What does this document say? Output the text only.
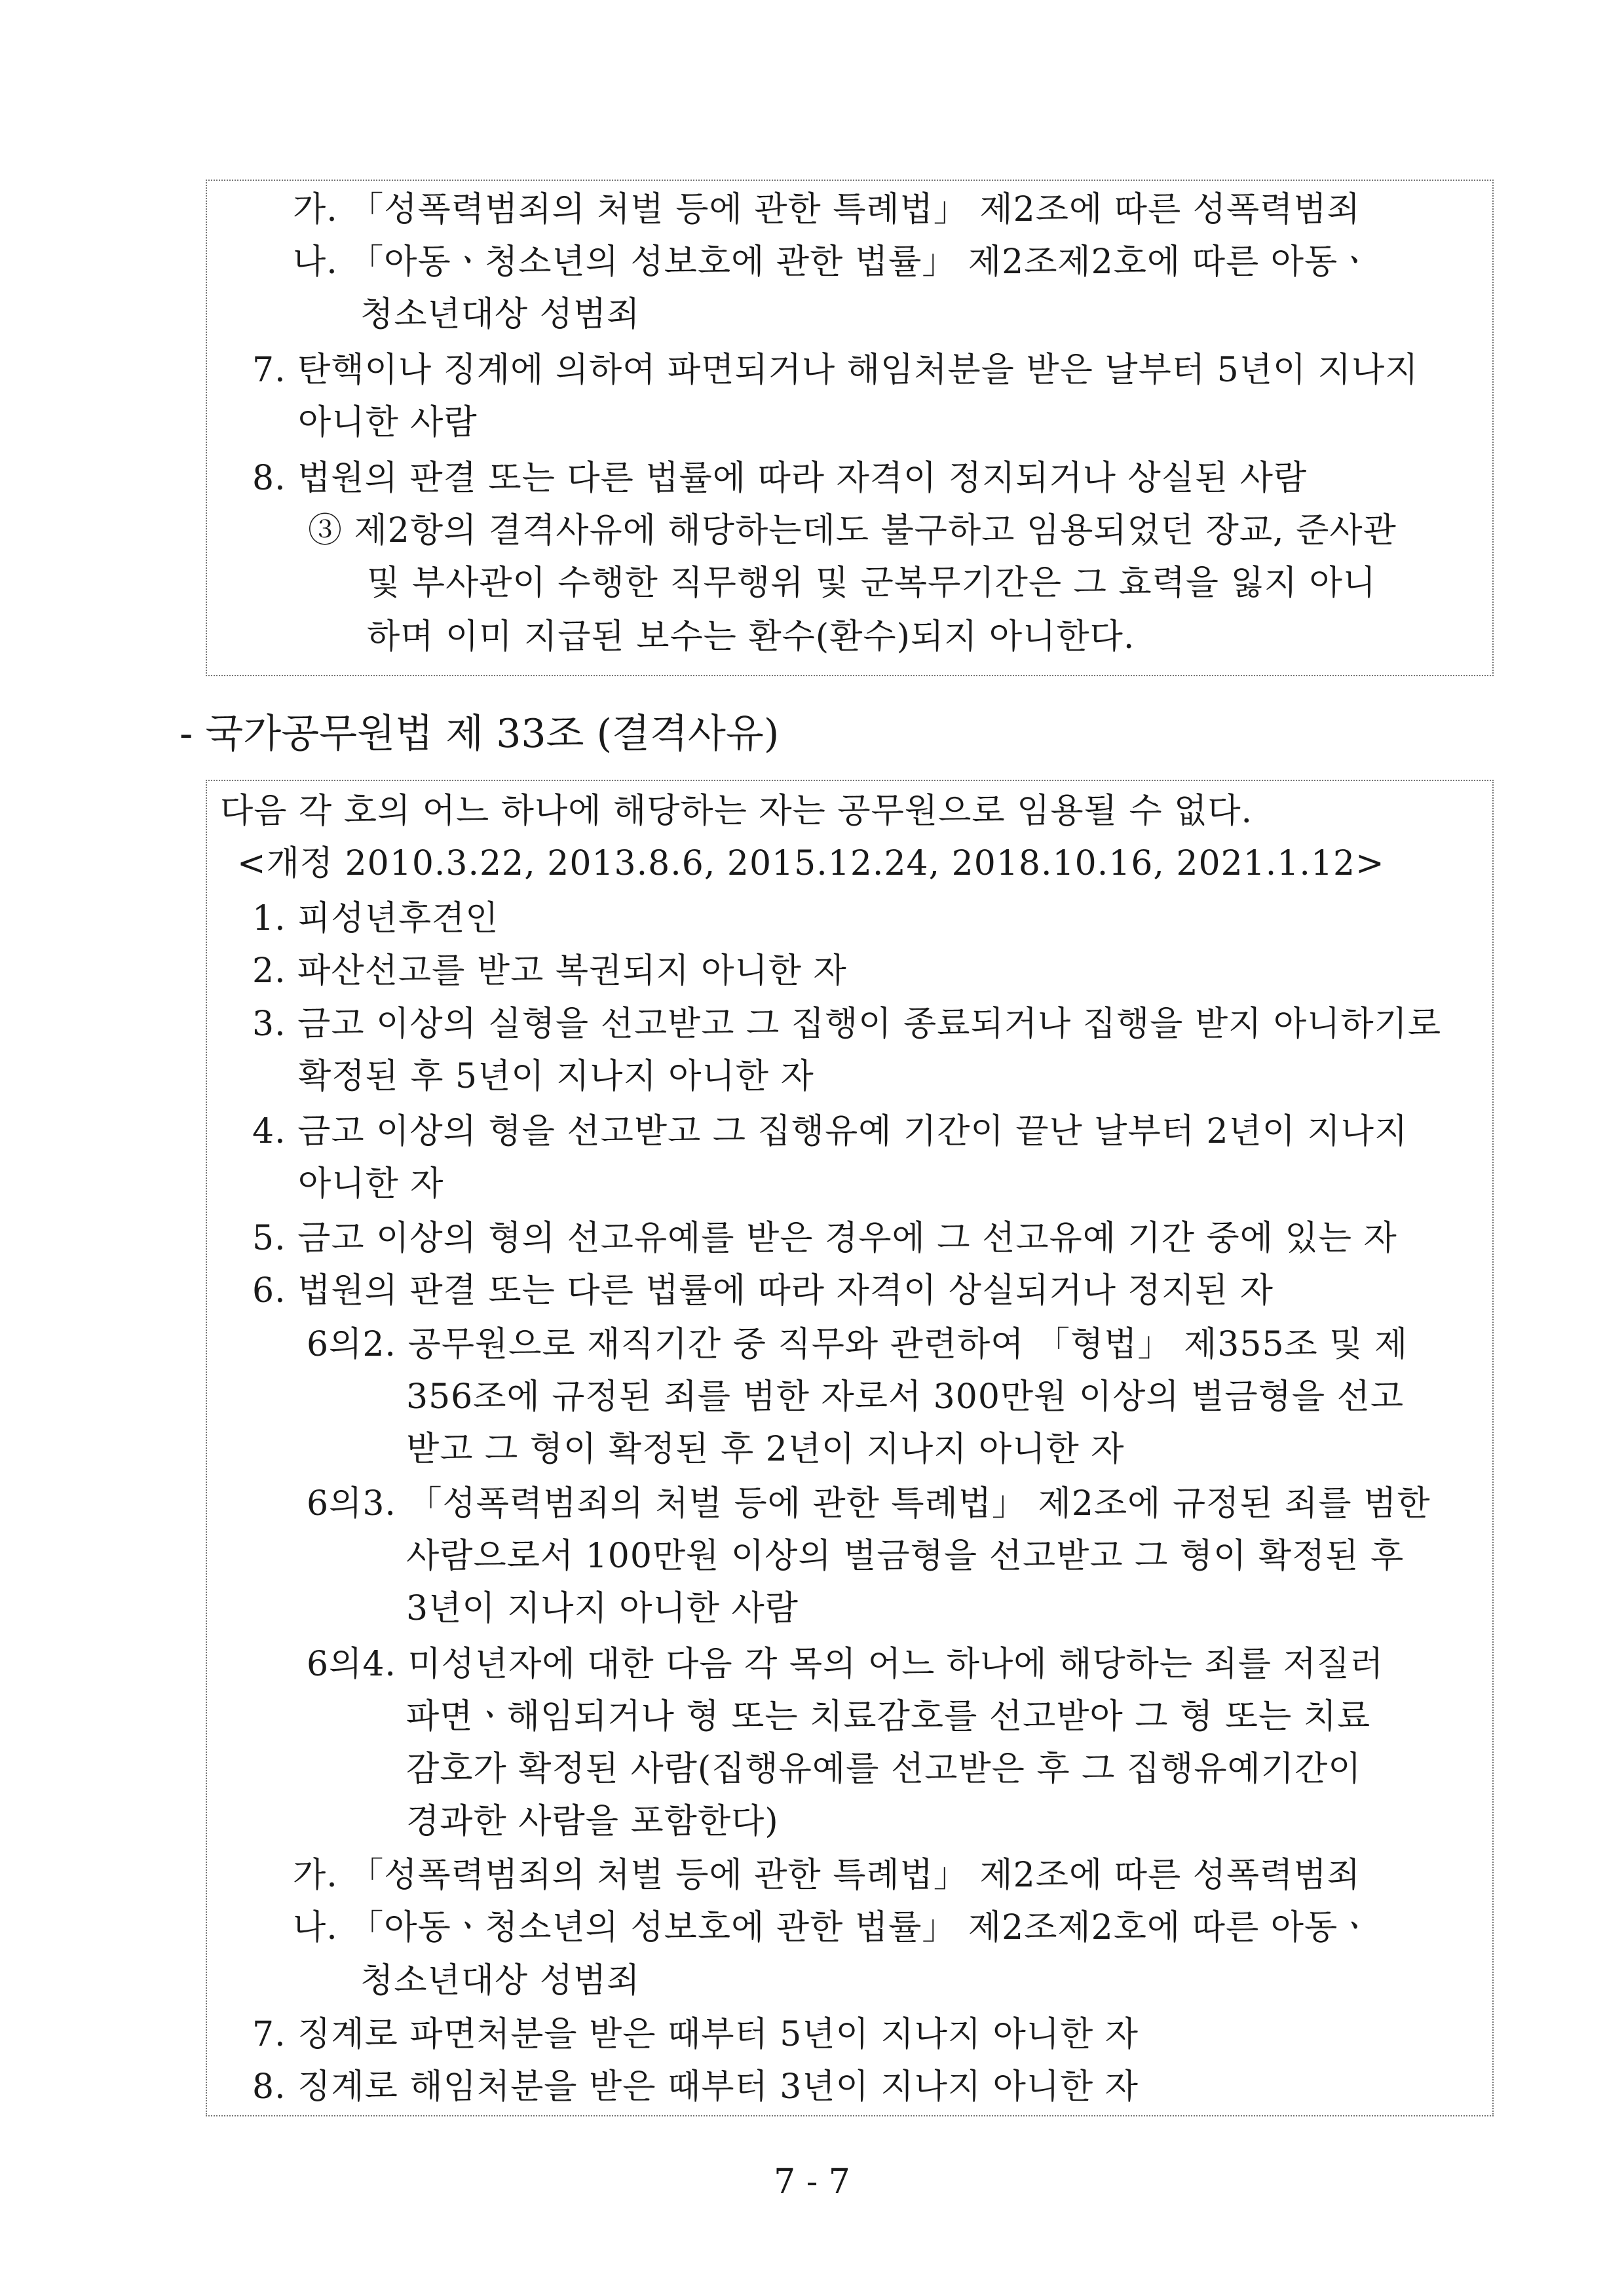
가. 「성폭력범죄의 처벌 등에 관한 특례법」 제2조에 따른 성폭력범죄
나. 「아동ㆍ청소년의 성보호에 관한 법률」 제2조제2호에 따른 아동ㆍ
청소년대상 성범죄
7. 탄핵이나 징계에 의하여 파면되거나 해임처분을 받은 날부터 5년이 지나지
아니한 사람
8. 법원의 판결 또는 다른 법률에 따라 자격이 정지되거나 상실된 사람
③ 제2항의 결격사유에 해당하는데도 불구하고 임용되었던 장교, 준사관
및 부사관이 수행한 직무행위 및 군복무기간은 그 효력을 잃지 아니
하며 이미 지급된 보수는 환수(환수)되지 아니한다.
- 국가공무원법 제 33조 (결격사유)
다음 각 호의 어느 하나에 해당하는 자는 공무원으로 임용될 수 없다.
<개정 2010.3.22, 2013.8.6, 2015.12.24, 2018.10.16, 2021.1.12>
1. 피성년후견인
2. 파산선고를 받고 복권되지 아니한 자
3. 금고 이상의 실형을 선고받고 그 집행이 종료되거나 집행을 받지 아니하기로
확정된 후 5년이 지나지 아니한 자
4. 금고 이상의 형을 선고받고 그 집행유예 기간이 끝난 날부터 2년이 지나지
아니한 자
5. 금고 이상의 형의 선고유예를 받은 경우에 그 선고유예 기간 중에 있는 자
6. 법원의 판결 또는 다른 법률에 따라 자격이 상실되거나 정지된 자
6의2. 공무원으로 재직기간 중 직무와 관련하여 「형법」 제355조 및 제
356조에 규정된 죄를 범한 자로서 300만원 이상의 벌금형을 선고
받고 그 형이 확정된 후 2년이 지나지 아니한 자
6의3. 「성폭력범죄의 처벌 등에 관한 특례법」 제2조에 규정된 죄를 범한
사람으로서 100만원 이상의 벌금형을 선고받고 그 형이 확정된 후
3년이 지나지 아니한 사람
6의4. 미성년자에 대한 다음 각 목의 어느 하나에 해당하는 죄를 저질러
파면ㆍ해임되거나 형 또는 치료감호를 선고받아 그 형 또는 치료
감호가 확정된 사람(집행유예를 선고받은 후 그 집행유예기간이
경과한 사람을 포함한다)
가. 「성폭력범죄의 처벌 등에 관한 특례법」 제2조에 따른 성폭력범죄
나. 「아동ㆍ청소년의 성보호에 관한 법률」 제2조제2호에 따른 아동ㆍ
청소년대상 성범죄
7. 징계로 파면처분을 받은 때부터 5년이 지나지 아니한 자
8. 징계로 해임처분을 받은 때부터 3년이 지나지 아니한 자
7 - 7
